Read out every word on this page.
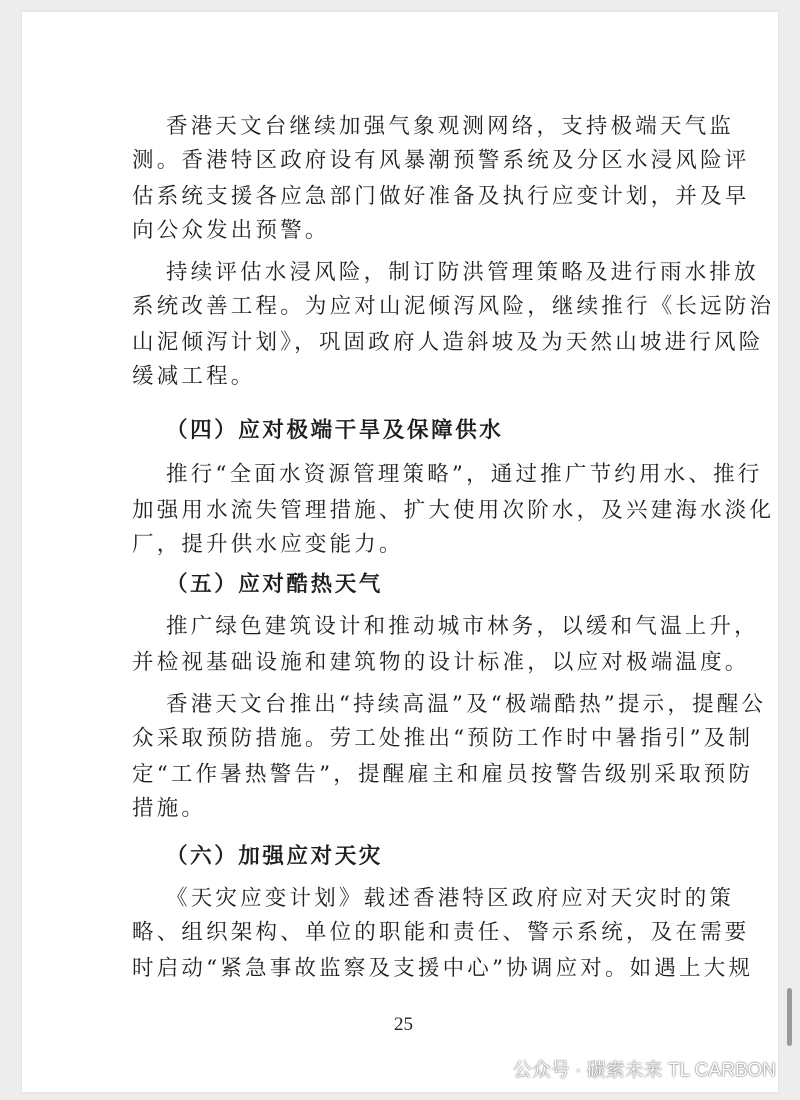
香港天文台继续加强气象观测网络，支持极端天气监
测。香港特区政府设有风暴潮预警系统及分区水浸风险评
估系统支援各应急部门做好准备及执行应变计划，并及早
向公众发出预警。
持续评估水浸风险，制订防洪管理策略及进行雨水排放
系统改善工程。为应对山泥倾泻风险，继续推行《长远防治
山泥倾泻计划》，巩固政府人造斜坡及为天然山坡进行风险
缓减工程。
（四）应对极端干旱及保障供水
推行“全面水资源管理策略”，通过推广节约用水、推行
加强用水流失管理措施、扩大使用次阶水，及兴建海水淡化
厂，提升供水应变能力。
（五）应对酷热天气
推广绿色建筑设计和推动城市林务，以缓和气温上升，
并检视基础设施和建筑物的设计标准，以应对极端温度。
香港天文台推出“持续高温”及“极端酷热”提示，提醒公
众采取预防措施。劳工处推出“预防工作时中暑指引”及制
定“工作暑热警告”，提醒雇主和雇员按警告级别采取预防
措施。
（六）加强应对天灾
《天灾应变计划》载述香港特区政府应对天灾时的策
略、组织架构、单位的职能和责任、警示系统，及在需要
时启动“紧急事故监察及支援中心”协调应对。如遇上大规
25
公众号 · 碳索未来 TL CARBON
